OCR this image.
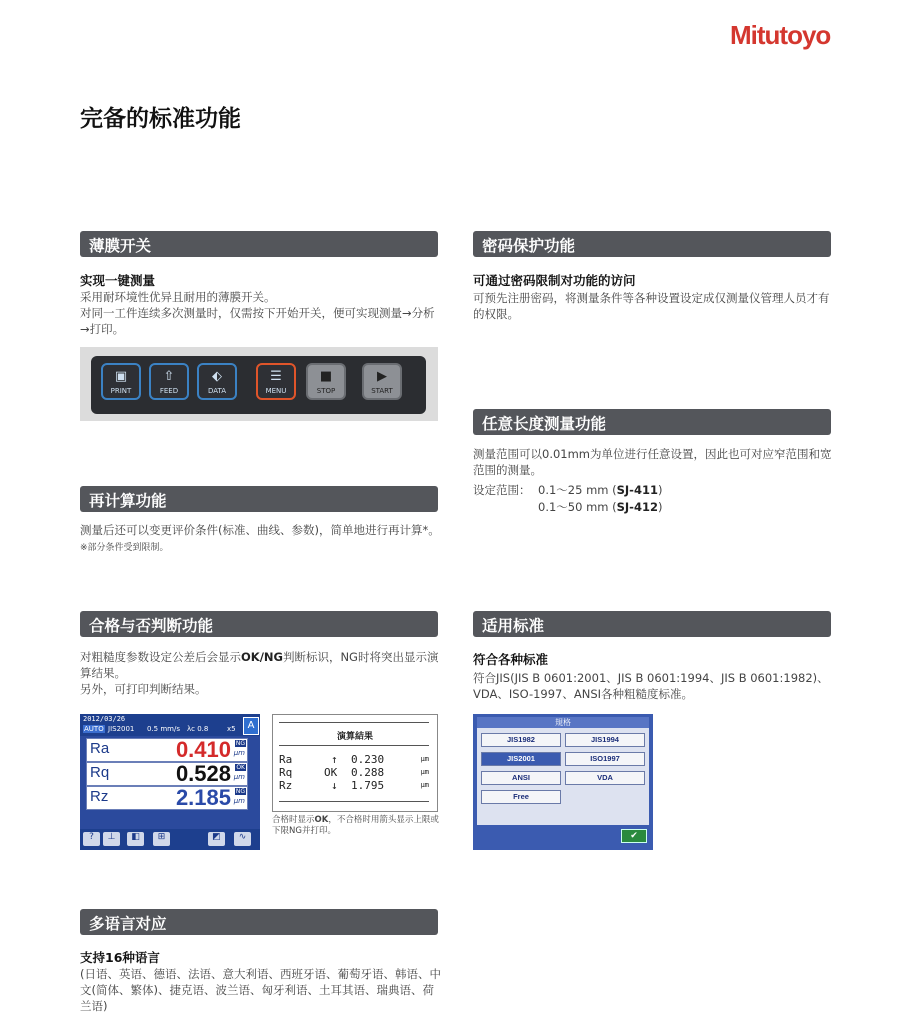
Mitutoyo
完备的标准功能
薄膜开关
实现一键测量
采用耐环境性优异且耐用的薄膜开关。
对同一工件连续多次测量时，仅需按下开始开关，便可实现测量→分析→打印。
▣
PRINT
⇧
FEED
⬖
DATA
☰
MENU
■
STOP
▶
START
密码保护功能
可通过密码限制对功能的访问
可预先注册密码，将测量条件等各种设置设定成仅测量仪管理人员才有的权限。
任意长度测量功能
测量范围可以0.01mm为单位进行任意设置，因此也可对应窄范围和宽范围的测量。
设定范围： 0.1～25 mm (SJ-411)
0.1～50 mm (SJ-412)
再计算功能
测量后还可以变更评价条件(标准、曲线、参数)，简单地进行再计算*。※部分条件受到限制。
合格与否判断功能
对粗糙度参数设定公差后会显示OK/NG判断标识，NG时将突出显示演算结果。
另外，可打印判断结果。
2012/03/26
AUTO JIS2001 0.5 mm/s λc 0.8	x5	A
Ra	0.410 NG
μm
Rq	0.528 OK
μm
Rz	2.185 NG
μm
?	⊥	◧	⊞	◩	∿
演算結果
Ra	↑ 0.230	μm
Rq	OK 0.288	μm
Rz	↓ 1.795	μm
合格时显示OK，不合格时用箭头显示上限或下限NG并打印。
适用标准
符合各种标准
符合JIS(JIS B 0601:2001、JIS B 0601:1994、JIS B 0601:1982)、VDA、ISO-1997、ANSI各种粗糙度标准。
規格
JIS1982	JIS1994
JIS2001	ISO1997
ANSI	VDA
Free
✔
多语言对应
支持16种语言
(日语、英语、德语、法语、意大利语、西班牙语、葡萄牙语、韩语、中文(简体、繁体)、捷克语、波兰语、匈牙利语、土耳其语、瑞典语、荷兰语)
